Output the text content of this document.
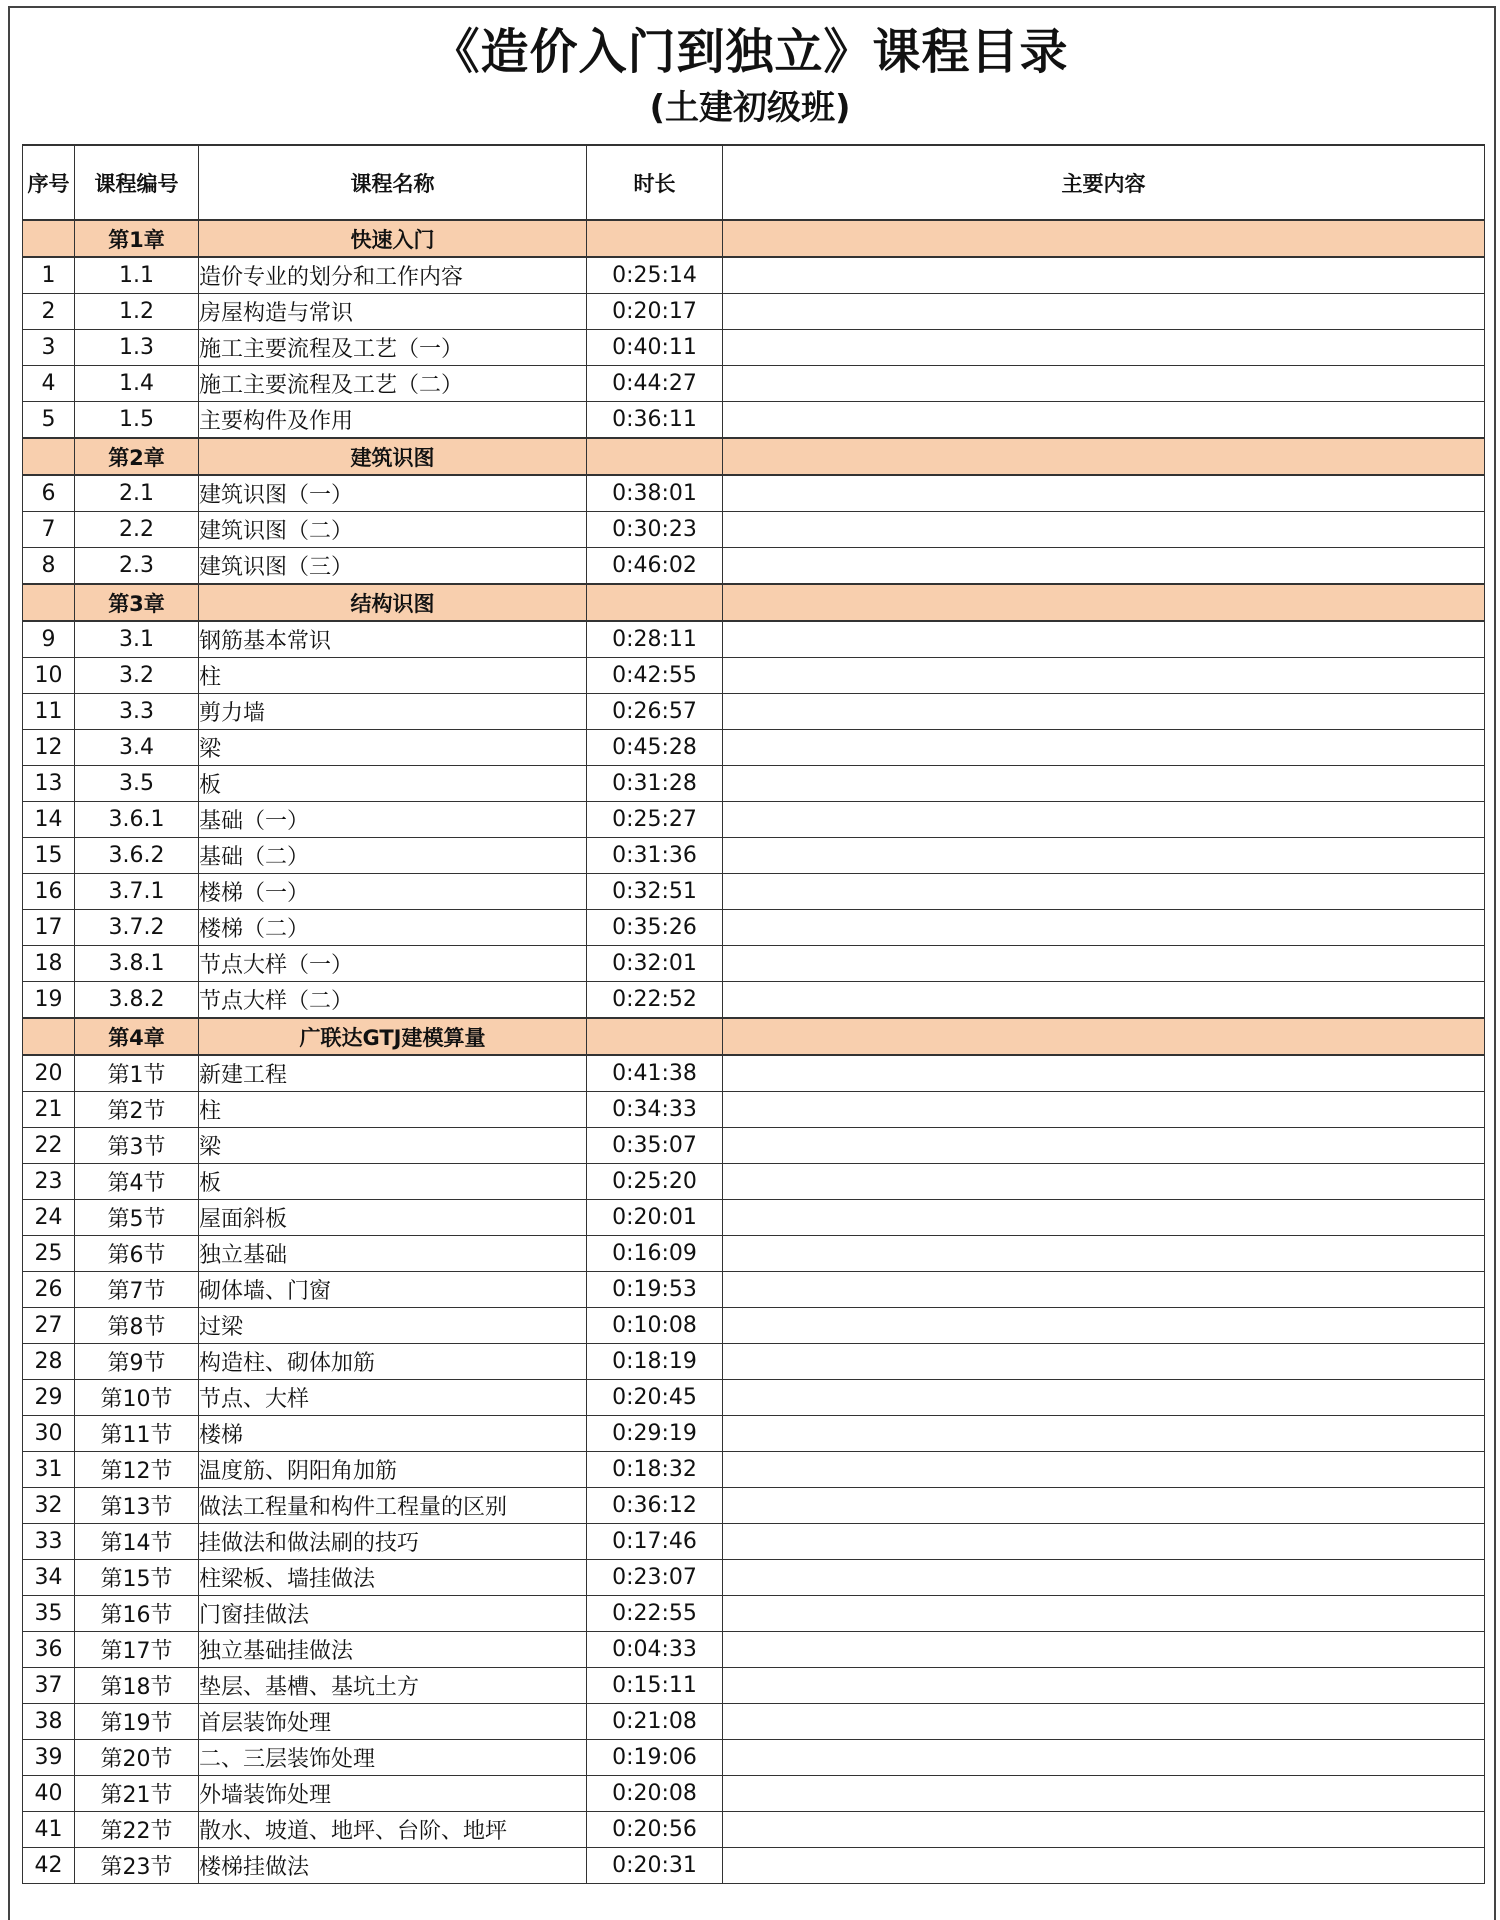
《造价入门到独立》课程目录
(土建初级班)
序号	课程编号	课程名称	时长	主要内容
	第1章	快速入门		
1	1.1	造价专业的划分和工作内容	0:25:14	
2	1.2	房屋构造与常识	0:20:17	
3	1.3	施工主要流程及工艺（一）	0:40:11	
4	1.4	施工主要流程及工艺（二）	0:44:27	
5	1.5	主要构件及作用	0:36:11	
	第2章	建筑识图		
6	2.1	建筑识图（一）	0:38:01	
7	2.2	建筑识图（二）	0:30:23	
8	2.3	建筑识图（三）	0:46:02	
	第3章	结构识图		
9	3.1	钢筋基本常识	0:28:11	
10	3.2	柱	0:42:55	
11	3.3	剪力墙	0:26:57	
12	3.4	梁	0:45:28	
13	3.5	板	0:31:28	
14	3.6.1	基础（一）	0:25:27	
15	3.6.2	基础（二）	0:31:36	
16	3.7.1	楼梯（一）	0:32:51	
17	3.7.2	楼梯（二）	0:35:26	
18	3.8.1	节点大样（一）	0:32:01	
19	3.8.2	节点大样（二）	0:22:52	
	第4章	广联达GTJ建模算量		
20	第1节	新建工程	0:41:38	
21	第2节	柱	0:34:33	
22	第3节	梁	0:35:07	
23	第4节	板	0:25:20	
24	第5节	屋面斜板	0:20:01	
25	第6节	独立基础	0:16:09	
26	第7节	砌体墙、门窗	0:19:53	
27	第8节	过梁	0:10:08	
28	第9节	构造柱、砌体加筋	0:18:19	
29	第10节	节点、大样	0:20:45	
30	第11节	楼梯	0:29:19	
31	第12节	温度筋、阴阳角加筋	0:18:32	
32	第13节	做法工程量和构件工程量的区别	0:36:12	
33	第14节	挂做法和做法刷的技巧	0:17:46	
34	第15节	柱梁板、墙挂做法	0:23:07	
35	第16节	门窗挂做法	0:22:55	
36	第17节	独立基础挂做法	0:04:33	
37	第18节	垫层、基槽、基坑土方	0:15:11	
38	第19节	首层装饰处理	0:21:08	
39	第20节	二、三层装饰处理	0:19:06	
40	第21节	外墙装饰处理	0:20:08	
41	第22节	散水、坡道、地坪、台阶、地坪	0:20:56	
42	第23节	楼梯挂做法	0:20:31	
